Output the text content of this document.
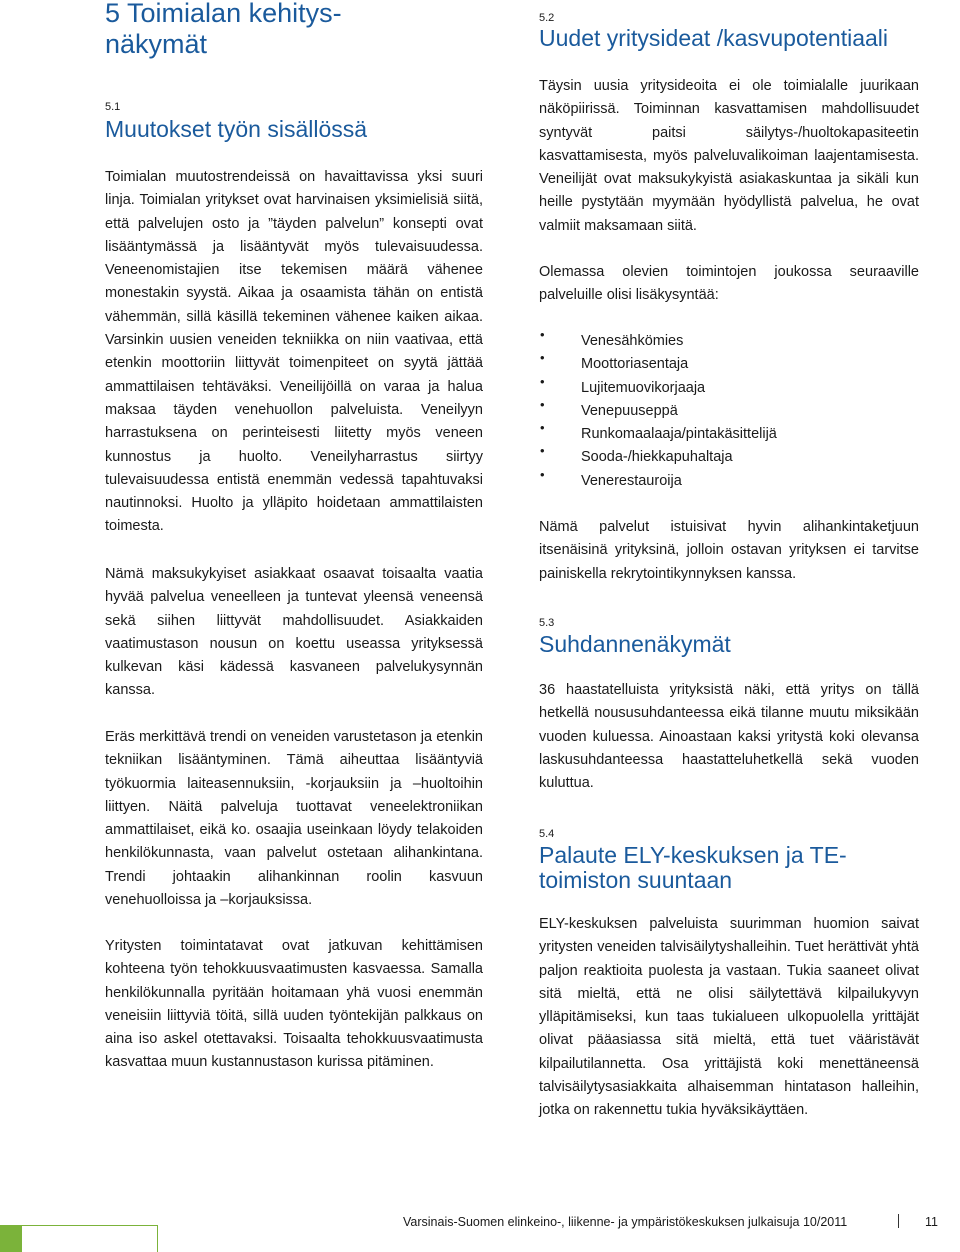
5 Toimialan kehitys-
näkymät
5.1
Muutokset työn sisällössä

Toimialan muutostrendeissä on havaittavissa yksi suuri linja. Toimialan yritykset ovat harvinaisen yksimielisiä siitä, että palvelujen osto ja ”täyden palvelun” konsepti ovat lisääntymässä ja lisääntyvät myös tulevaisuudessa. Veneenomistajien itse tekemisen määrä vähenee monestakin syystä. Aikaa ja osaamista tähän on entistä vähemmän, sillä käsillä tekeminen vähenee kaiken aikaa. Varsinkin uusien veneiden tekniikka on niin vaativaa, että etenkin moottoriin liittyvät toimenpiteet on syytä jättää ammattilaisen tehtäväksi. Veneilijöillä on varaa ja halua maksaa täyden venehuollon palveluista. Veneilyyn harrastuksena on perinteisesti liitetty myös veneen kunnostus ja huolto. Veneilyharrastus siirtyy tulevaisuudessa entistä enemmän vedessä tapahtuvaksi nautinnoksi. Huolto ja ylläpito hoidetaan ammattilaisten toimesta.

Nämä maksukykyiset asiakkaat osaavat toisaalta vaatia hyvää palvelua veneelleen ja tuntevat yleensä veneensä sekä siihen liittyvät mahdollisuudet. Asiakkaiden vaatimustason nousun on koettu useassa yrityksessä kulkevan käsi kädessä kasvaneen palvelukysynnän kanssa.

Eräs merkittävä trendi on veneiden varustetason ja etenkin tekniikan lisääntyminen. Tämä aiheuttaa lisääntyviä työkuormia laiteasennuksiin, -korjauksiin ja –huoltoihin liittyen. Näitä palveluja tuottavat veneelektroniikan ammattilaiset, eikä ko. osaajia useinkaan löydy telakoiden henkilökunnasta, vaan palvelut ostetaan alihankintana. Trendi johtaakin alihankinnan roolin kasvuun venehuolloissa ja –korjauksissa.

Yritysten toimintatavat ovat jatkuvan kehittämisen kohteena työn tehokkuusvaatimusten kasvaessa. Samalla henkilökunnalla pyritään hoitamaan yhä vuosi enemmän veneisiin liittyviä töitä, sillä uuden työntekijän palkkaus on aina iso askel otettavaksi. Toisaalta tehokkuusvaatimusta kasvattaa muun kustannustason kurissa pitäminen.

5.2
Uudet yritysideat /kasvupotentiaali

Täysin uusia yritysideoita ei ole toimialalle juurikaan näköpiirissä. Toiminnan kasvattamisen mahdollisuudet syntyvät paitsi säilytys-/huoltokapasiteetin kasvattamisesta, myös palveluvalikoiman laajentamisesta. Veneilijät ovat maksukykyistä asiakaskuntaa ja sikäli kun heille pystytään myymään hyödyllistä palvelua, he ovat valmiit maksamaan siitä.

Olemassa olevien toimintojen joukossa seuraaville palveluille olisi lisäkysyntää:

• Venesähkömies
• Moottoriasentaja
• Lujitemuovikorjaaja
• Venepuuseppä
• Runkomaalaaja/pintakäsittelijä
• Sooda-/hiekkapuhaltaja
• Venerestauroija

Nämä palvelut istuisivat hyvin alihankintaketjuun itsenäisinä yrityksinä, jolloin ostavan yrityksen ei tarvitse painiskella rekrytointikynnyksen kanssa.

5.3
Suhdannenäkymät

36 haastatelluista yrityksistä näki, että yritys on tällä hetkellä noususuhdanteessa eikä tilanne muutu miksikään vuoden kuluessa. Ainoastaan kaksi yritystä koki olevansa laskusuhdanteessa haastatteluhetkellä sekä vuoden kuluttua.

5.4
Palaute ELY-keskuksen ja TE-
toimiston suuntaan

ELY-keskuksen palveluista suurimman huomion saivat yritysten veneiden talvisäilytyshalleihin. Tuet herättivät yhtä paljon reaktioita puolesta ja vastaan. Tukia saaneet olivat sitä mieltä, että ne olisi säilytettävä kilpailukyvyn ylläpitämiseksi, kun taas tukialueen ulkopuolella yrittäjät olivat pääasiassa sitä mieltä, että tuet vääristävät kilpailutilannetta. Osa yrittäjistä koki menettäneensä talvisäilytysasiakkaita alhaisemman hintatason halleihin, jotka on rakennettu tukia hyväksikäyttäen.

Varsinais-Suomen elinkeino-, liikenne- ja ympäristökeskuksen julkaisuja 10/2011	11
